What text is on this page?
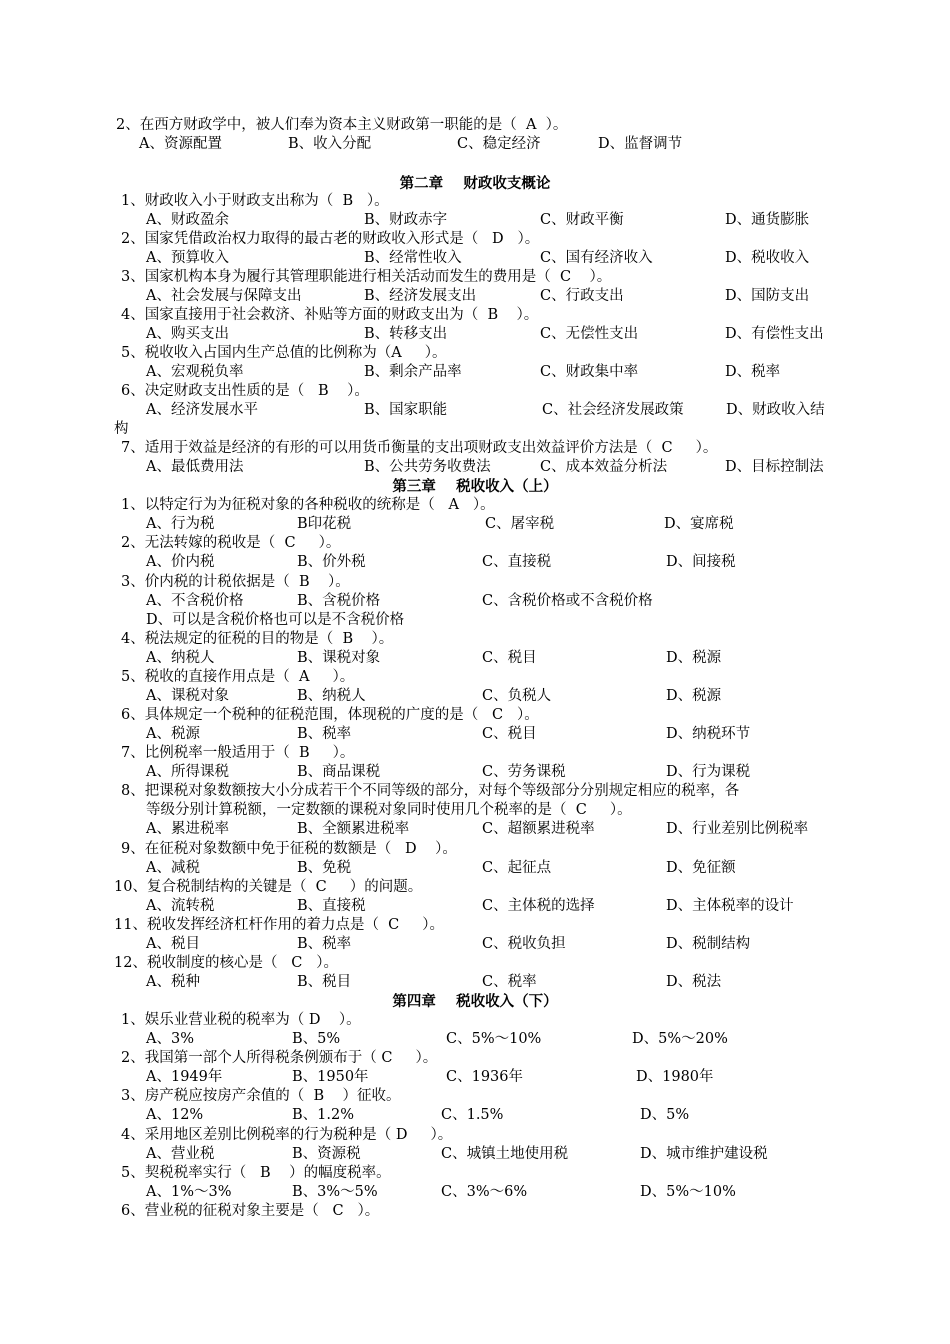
2、在西方财政学中，被人们奉为资本主义财政第一职能的是（  A  ）。
A、资源配置	B、收入分配	C、稳定经济	D、监督调节
第二章    财政收支概论
1、财政收入小于财政支出称为（  B   ）。
A、财政盈余	B、财政赤字	C、财政平衡	D、通货膨胀
2、国家凭借政治权力取得的最古老的财政收入形式是（   D   ）。
A、预算收入	B、经常性收入	C、国有经济收入	D、税收收入
3、国家机构本身为履行其管理职能进行相关活动而发生的费用是（  C    ）。
A、社会发展与保障支出	B、经济发展支出	C、行政支出	D、国防支出
4、国家直接用于社会救济、补贴等方面的财政支出为（  B    ）。
A、购买支出	B、转移支出	C、无偿性支出	D、有偿性支出
5、税收收入占国内生产总值的比例称为（A     ）。
A、宏观税负率	B、剩余产品率	C、财政集中率	D、税率
6、决定财政支出性质的是（   B    ）。
A、经济发展水平	B、国家职能	C、社会经济发展政策	D、财政收入结
构
7、适用于效益是经济的有形的可以用货币衡量的支出项财政支出效益评价方法是（  C     ）。
A、最低费用法	B、公共劳务收费法	C、成本效益分析法	D、目标控制法
第三章    税收收入（上）
1、以特定行为为征税对象的各种税收的统称是（   A   ）。
A、行为税	B印花税	C、屠宰税	D、宴席税
2、无法转嫁的税收是（  C     ）。
A、价内税	B、价外税	C、直接税	D、间接税
3、价内税的计税依据是（  B    ）。
A、不含税价格	B、含税价格	C、含税价格或不含税价格
D、可以是含税价格也可以是不含税价格
4、税法规定的征税的目的物是（  B    ）。
A、纳税人	B、课税对象	C、税目	D、税源
5、税收的直接作用点是（  A     ）。
A、课税对象	B、纳税人	C、负税人	D、税源
6、具体规定一个税种的征税范围，体现税的广度的是（   C   ）。
A、税源	B、税率	C、税目	D、纳税环节
7、比例税率一般适用于（  B     ）。
A、所得课税	B、商品课税	C、劳务课税	D、行为课税
8、把课税对象数额按大小分成若干个不同等级的部分，对每个等级部分分别规定相应的税率，各
等级分别计算税额，一定数额的课税对象同时使用几个税率的是（  C     ）。
A、累进税率	B、全额累进税率	C、超额累进税率	D、行业差别比例税率
9、在征税对象数额中免于征税的数额是（   D    ）。
A、减税	B、免税	C、起征点	D、免征额
10、复合税制结构的关键是（  C     ）的问题。
A、流转税	B、直接税	C、主体税的选择	D、主体税率的设计
11、税收发挥经济杠杆作用的着力点是（  C     ）。
A、税目	B、税率	C、税收负担	D、税制结构
12、税收制度的核心是（   C   ）。
A、税种	B、税目	C、税率	D、税法
第四章    税收收入（下）
1、娱乐业营业税的税率为（ D    ）。
A、3%	B、5%	C、5%～10%	D、5%～20%
2、我国第一部个人所得税条例颁布于（ C     ）。
A、1949年	B、1950年	C、1936年	D、1980年
3、房产税应按房产余值的（  B    ）征收。
A、12%	B、1.2%	C、1.5%	D、5%
4、采用地区差别比例税率的行为税种是（ D     ）。
A、营业税	B、资源税	C、城镇土地使用税	D、城市维护建设税
5、契税税率实行（   B    ）的幅度税率。
A、1%～3%	B、3%～5%	C、3%～6%	D、5%～10%
6、营业税的征税对象主要是（   C   ）。
